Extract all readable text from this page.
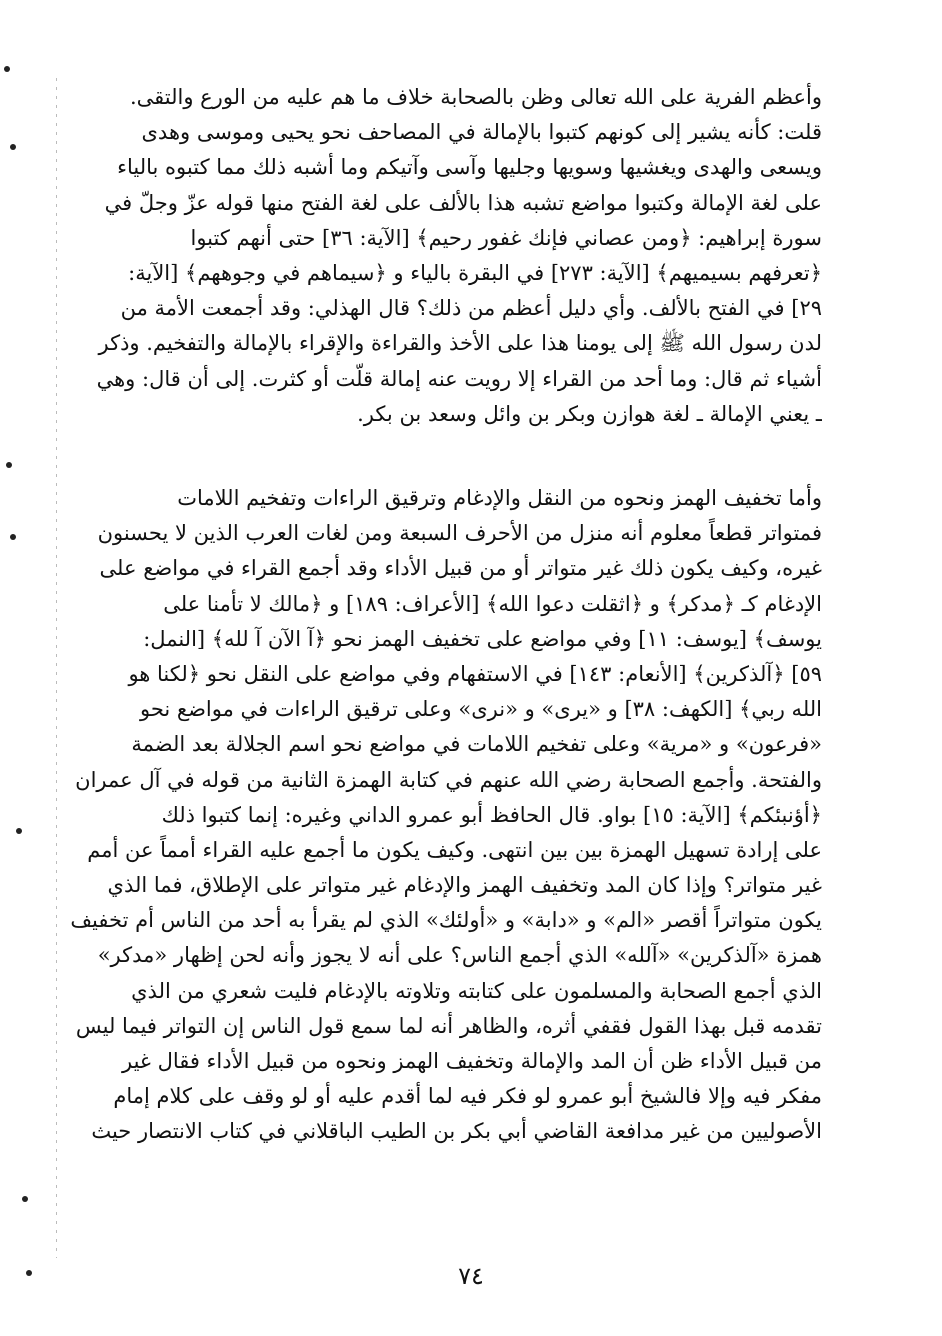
وأعظم الفرية على الله تعالى وظن بالصحابة خلاف ما هم عليه من الورع والتقى.
قلت: كأنه يشير إلى كونهم كتبوا بالإمالة في المصاحف نحو يحيى وموسى وهدى
ويسعى والهدى ويغشيها وسويها وجليها وآسى وآتيكم وما أشبه ذلك مما كتبوه بالياء
على لغة الإمالة وكتبوا مواضع تشبه هذا بالألف على لغة الفتح منها قوله عزّ وجلّ في
سورة إبراهيم: ﴿ومن عصاني فإنك غفور رحيم﴾ [الآية: ٣٦] حتى أنهم كتبوا
﴿تعرفهم بسيميهم﴾ [الآية: ٢٧٣] في البقرة بالياء و ﴿سيماهم في وجوههم﴾ [الآية:
٢٩] في الفتح بالألف. وأي دليل أعظم من ذلك؟ قال الهذلي: وقد أجمعت الأمة من
لدن رسول الله ﷺ إلى يومنا هذا على الأخذ والقراءة والإقراء بالإمالة والتفخيم. وذكر
أشياء ثم قال: وما أحد من القراء إلا رويت عنه إمالة قلّت أو كثرت. إلى أن قال: وهي
ـ يعني الإمالة ـ لغة هوازن وبكر بن وائل وسعد بن بكر.
وأما تخفيف الهمز ونحوه من النقل والإدغام وترقيق الراءات وتفخيم اللامات
فمتواتر قطعاً معلوم أنه منزل من الأحرف السبعة ومن لغات العرب الذين لا يحسنون
غيره، وكيف يكون ذلك غير متواتر أو من قبيل الأداء وقد أجمع القراء في مواضع على
الإدغام كـ ﴿مدكر﴾ و ﴿اثقلت دعوا الله﴾ [الأعراف: ١٨٩] و ﴿مالك لا تأمنا على
يوسف﴾ [يوسف: ١١] وفي مواضع على تخفيف الهمز نحو ﴿آ الآن آ لله﴾ [النمل:
٥٩] ﴿آلذكرين﴾ [الأنعام: ١٤٣] في الاستفهام وفي مواضع على النقل نحو ﴿لكنا هو
الله ربي﴾ [الكهف: ٣٨] و «يرى» و «نرى» وعلى ترقيق الراءات في مواضع نحو
«فرعون» و «مرية» وعلى تفخيم اللامات في مواضع نحو اسم الجلالة بعد الضمة
والفتحة. وأجمع الصحابة رضي الله عنهم في كتابة الهمزة الثانية من قوله في آل عمران
﴿أؤنبئكم﴾ [الآية: ١٥] بواو. قال الحافظ أبو عمرو الداني وغيره: إنما كتبوا ذلك
على إرادة تسهيل الهمزة بين بين انتهى. وكيف يكون ما أجمع عليه القراء أمماً عن أمم
غير متواتر؟ وإذا كان المد وتخفيف الهمز والإدغام غير متواتر على الإطلاق، فما الذي
يكون متواتراً أقصر «الم» و «دابة» و «أولئك» الذي لم يقرأ به أحد من الناس أم تخفيف
همزة «آلذكرين» «آلله» الذي أجمع الناس؟ على أنه لا يجوز وأنه لحن إظهار «مدكر»
الذي أجمع الصحابة والمسلمون على كتابته وتلاوته بالإدغام فليت شعري من الذي
تقدمه قبل بهذا القول فقفي أثره، والظاهر أنه لما سمع قول الناس إن التواتر فيما ليس
من قبيل الأداء ظن أن المد والإمالة وتخفيف الهمز ونحوه من قبيل الأداء فقال غير
مفكر فيه وإلا فالشيخ أبو عمرو لو فكر فيه لما أقدم عليه أو لو وقف على كلام إمام
الأصوليين من غير مدافعة القاضي أبي بكر بن الطيب الباقلاني في كتاب الانتصار حيث
٧٤
